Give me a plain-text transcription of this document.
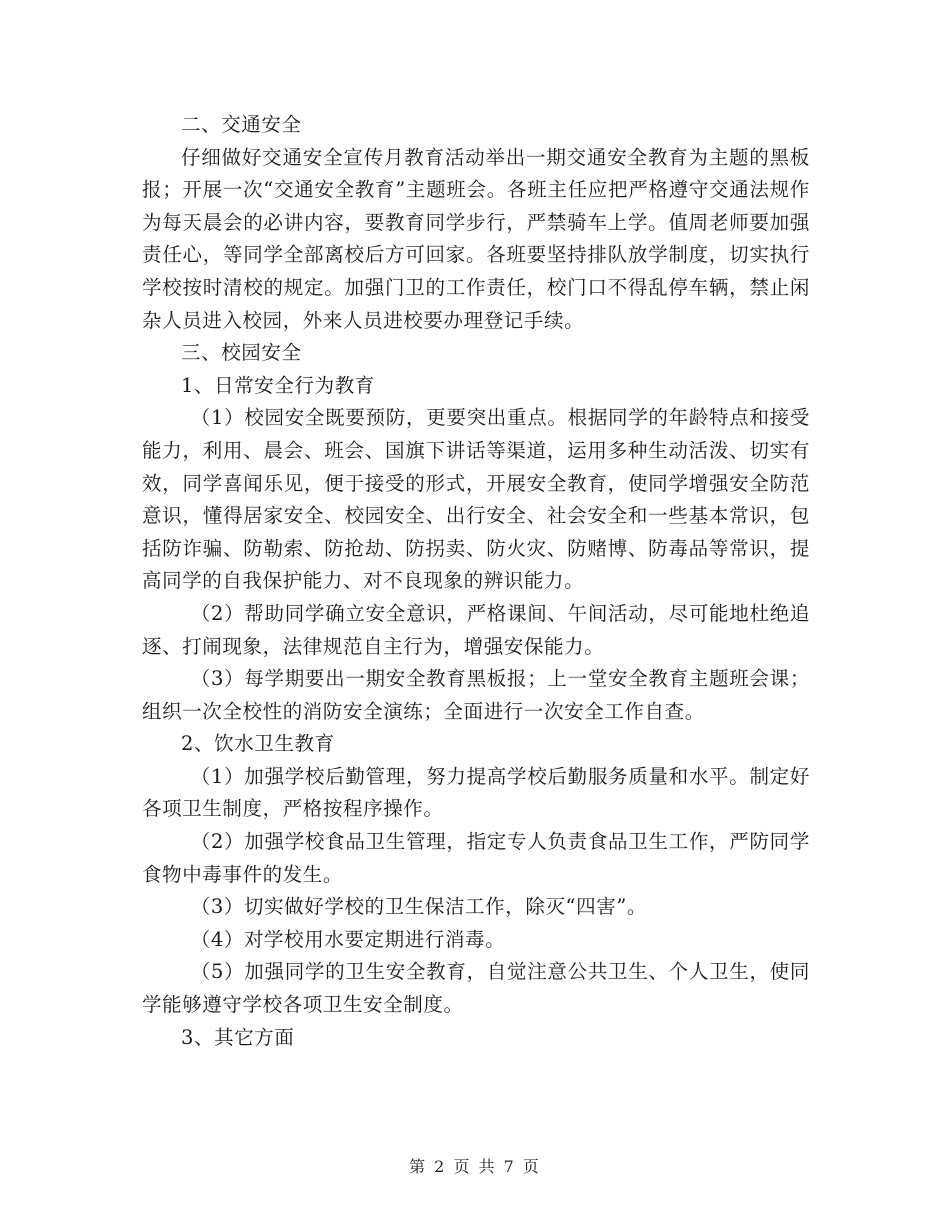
二、交通安全

仔细做好交通安全宣传月教育活动举出一期交通安全教育为主题的黑板报；开展一次“交通安全教育”主题班会。各班主任应把严格遵守交通法规作为每天晨会的必讲内容，要教育同学步行，严禁骑车上学。值周老师要加强责任心，等同学全部离校后方可回家。各班要坚持排队放学制度，切实执行学校按时清校的规定。加强门卫的工作责任，校门口不得乱停车辆，禁止闲杂人员进入校园，外来人员进校要办理登记手续。

三、校园安全

1、日常安全行为教育

（1）校园安全既要预防，更要突出重点。根据同学的年龄特点和接受能力，利用、晨会、班会、国旗下讲话等渠道，运用多种生动活泼、切实有效，同学喜闻乐见，便于接受的形式，开展安全教育，使同学增强安全防范意识，懂得居家安全、校园安全、出行安全、社会安全和一些基本常识，包括防诈骗、防勒索、防抢劫、防拐卖、防火灾、防赌博、防毒品等常识，提高同学的自我保护能力、对不良现象的辨识能力。

（2）帮助同学确立安全意识，严格课间、午间活动，尽可能地杜绝追逐、打闹现象，法律规范自主行为，增强安保能力。

（3）每学期要出一期安全教育黑板报；上一堂安全教育主题班会课；组织一次全校性的消防安全演练；全面进行一次安全工作自查。

2、饮水卫生教育

（1）加强学校后勤管理，努力提高学校后勤服务质量和水平。制定好各项卫生制度，严格按程序操作。

（2）加强学校食品卫生管理，指定专人负责食品卫生工作，严防同学食物中毒事件的发生。

（3）切实做好学校的卫生保洁工作，除灭“四害”。

（4）对学校用水要定期进行消毒。

（5）加强同学的卫生安全教育，自觉注意公共卫生、个人卫生，使同学能够遵守学校各项卫生安全制度。

3、其它方面

第 2 页 共 7 页
